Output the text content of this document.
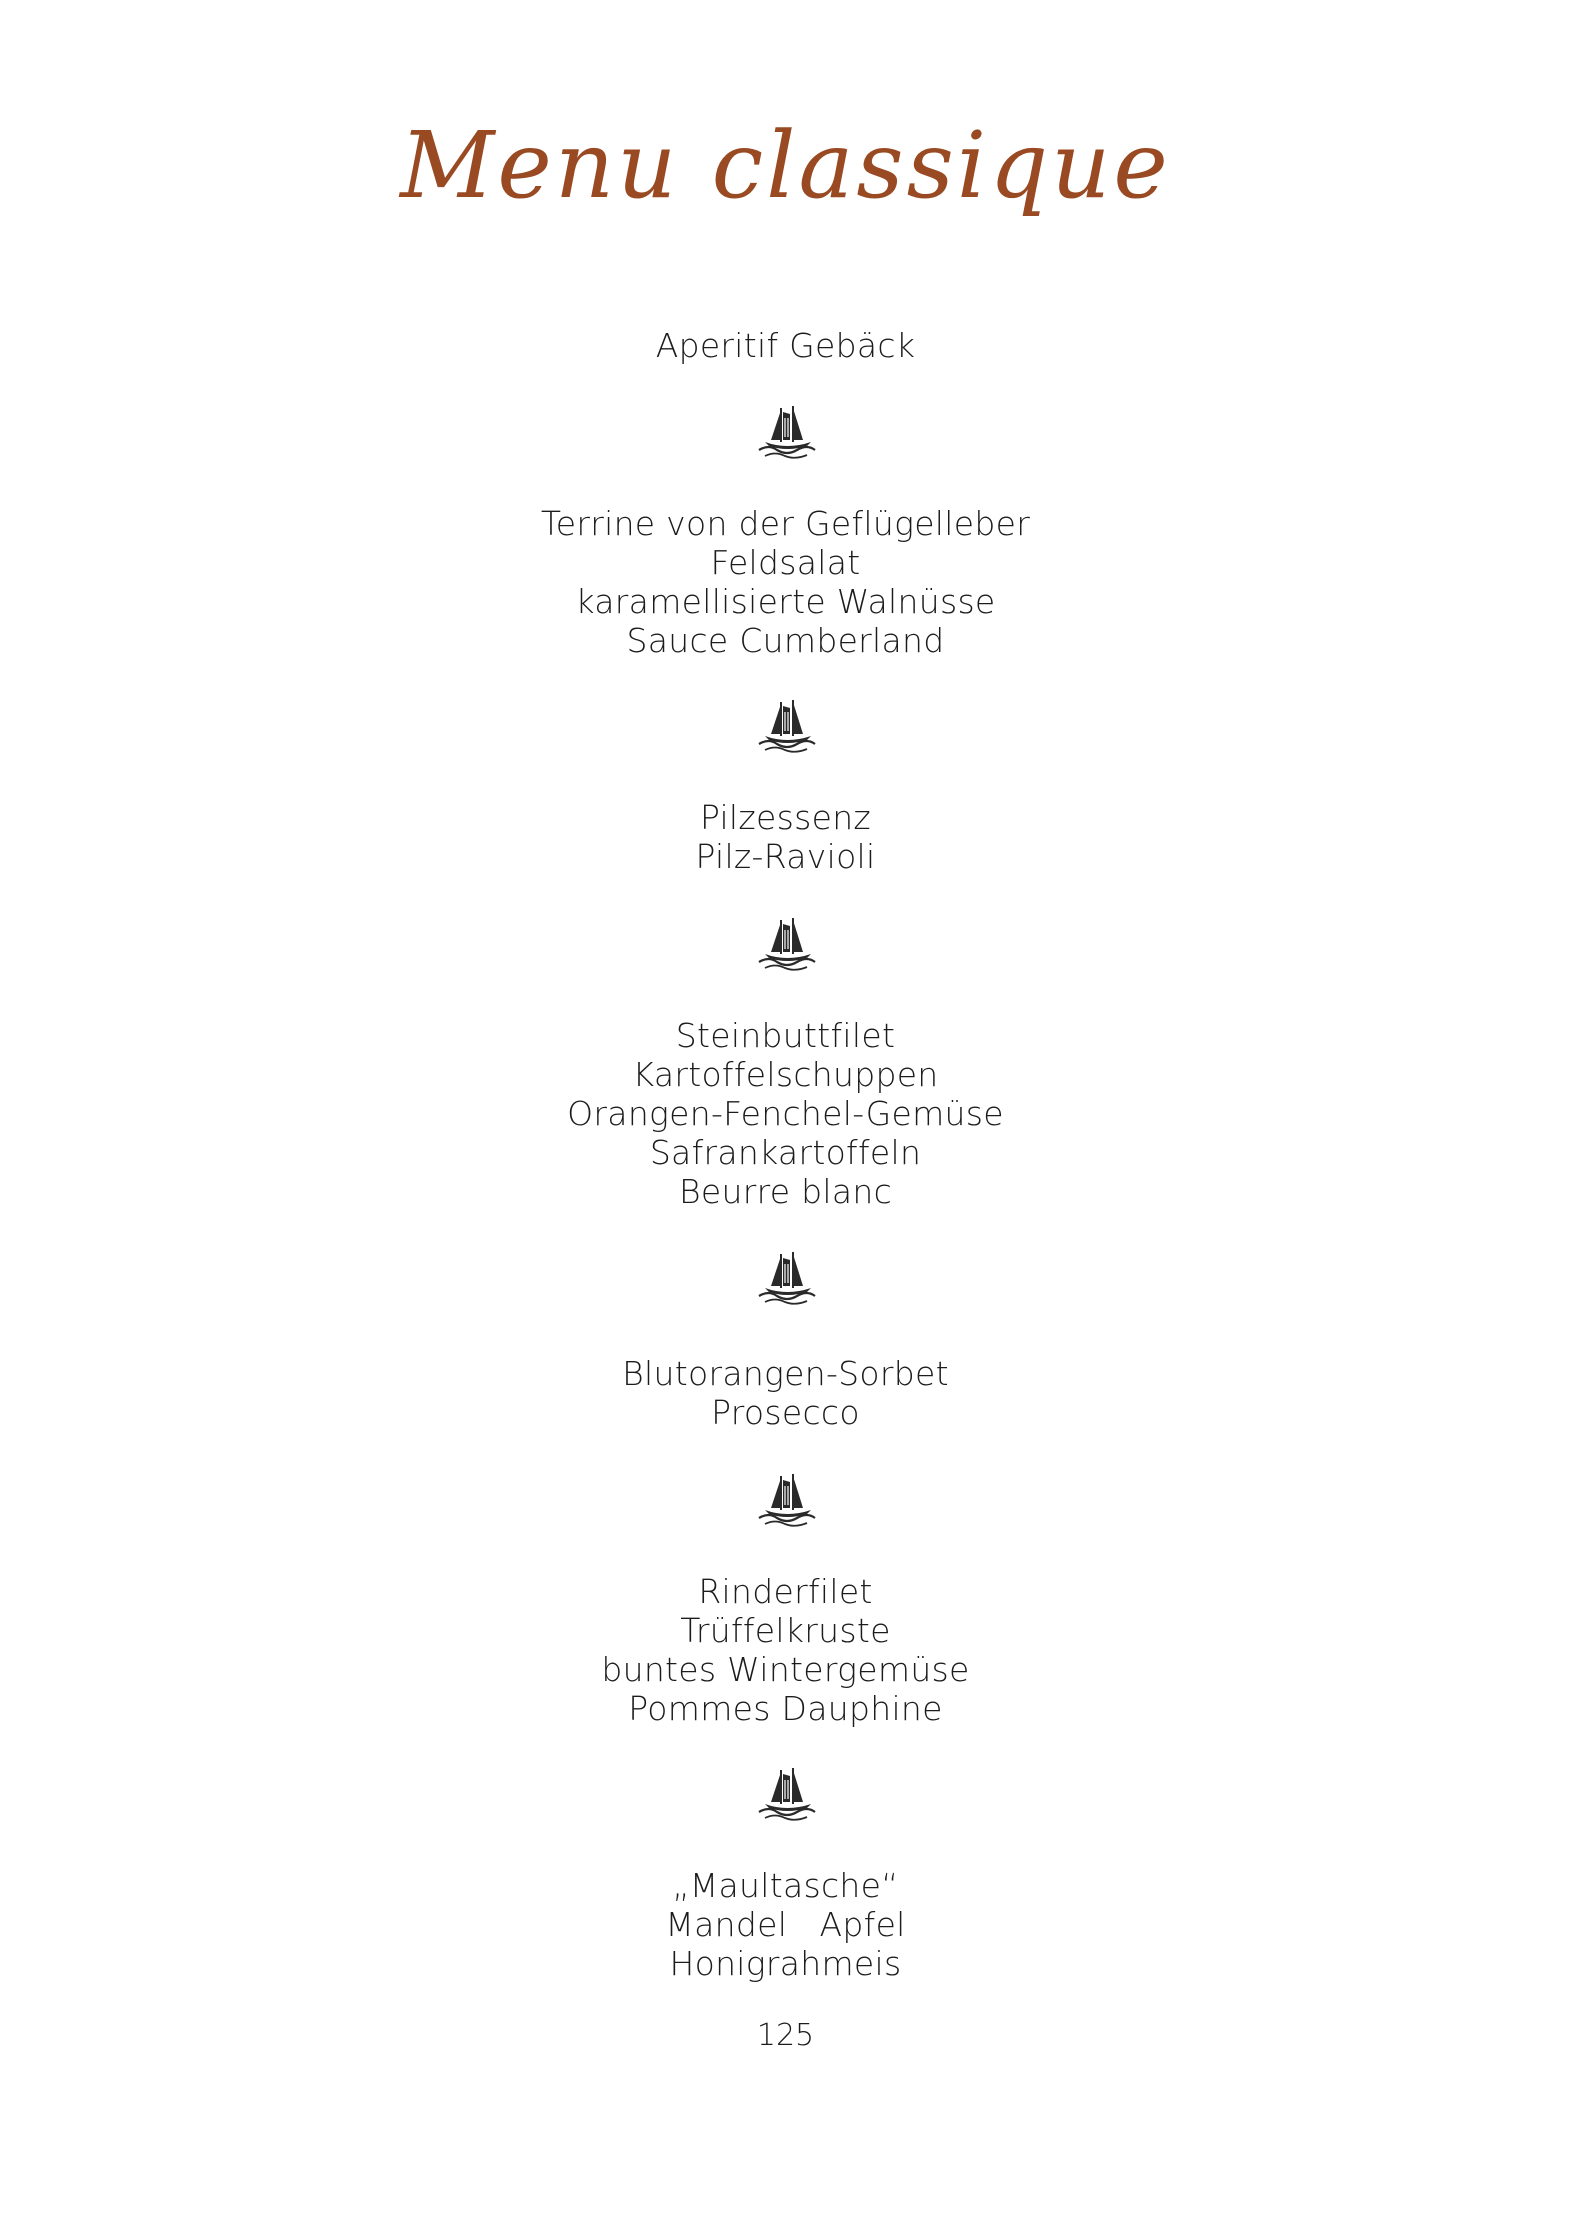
Menu classique
Aperitif Gebäck
Terrine von der Geflügelleber
Feldsalat
karamellisierte Walnüsse
Sauce Cumberland
Pilzessenz
Pilz-Ravioli
Steinbuttfilet
Kartoffelschuppen
Orangen-Fenchel-Gemüse
Safrankartoffeln
Beurre blanc
Blutorangen-Sorbet
Prosecco
Rinderfilet
Trüffelkruste
buntes Wintergemüse
Pommes Dauphine
„Maultasche“
Mandel   Apfel
Honigrahmeis
125
